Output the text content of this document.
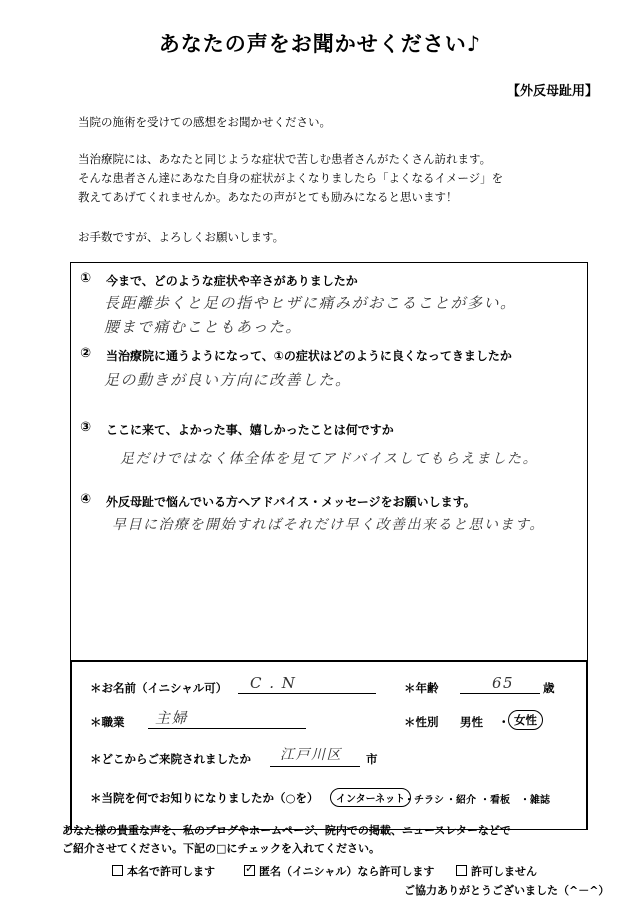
あなたの声をお聞かせください♪
【外反母趾用】
当院の施術を受けての感想をお聞かせください。
当治療院には、あなたと同じような症状で苦しむ患者さんがたくさん訪れます。
そんな患者さん達にあなた自身の症状がよくなりましたら「よくなるイメージ」を
教えてあげてくれませんか。あなたの声がとても励みになると思います！
お手数ですが、よろしくお願いします。
① 今まで、どのような症状や辛さがありましたか
長距離歩くと足の指やヒザに痛みがおこることが多い。
腰まで痛むこともあった。
② 当治療院に通うようになって、①の症状はどのように良くなってきましたか
足の動きが良い方向に改善した。
③ ここに来て、よかった事、嬉しかったことは何ですか
足だけではなく体全体を見てアドバイスしてもらえました。
④ 外反母趾で悩んでいる方へアドバイス・メッセージをお願いします。
早目に治療を開始すればそれだけ早く改善出来ると思います。
＊お名前（イニシャル可） C . N	＊年齢	65	歳
＊職業 主婦	＊性別 男性 ・ 女性
＊どこからご来院されましたか 江戸川区 市
＊当院を何でお知りになりましたか（○を）	インターネット
・チラシ ・紹介 ・看板 ・雑誌
あなた様の貴重な声を、私のブログやホームページ、院内での掲載、ニュースレターなどで
ご紹介させてください。下記の□にチェックを入れてください。
本名で許可します	✓ 匿名（イニシャル）なら許可します	許可しません
ご協力ありがとうございました（^－^）
